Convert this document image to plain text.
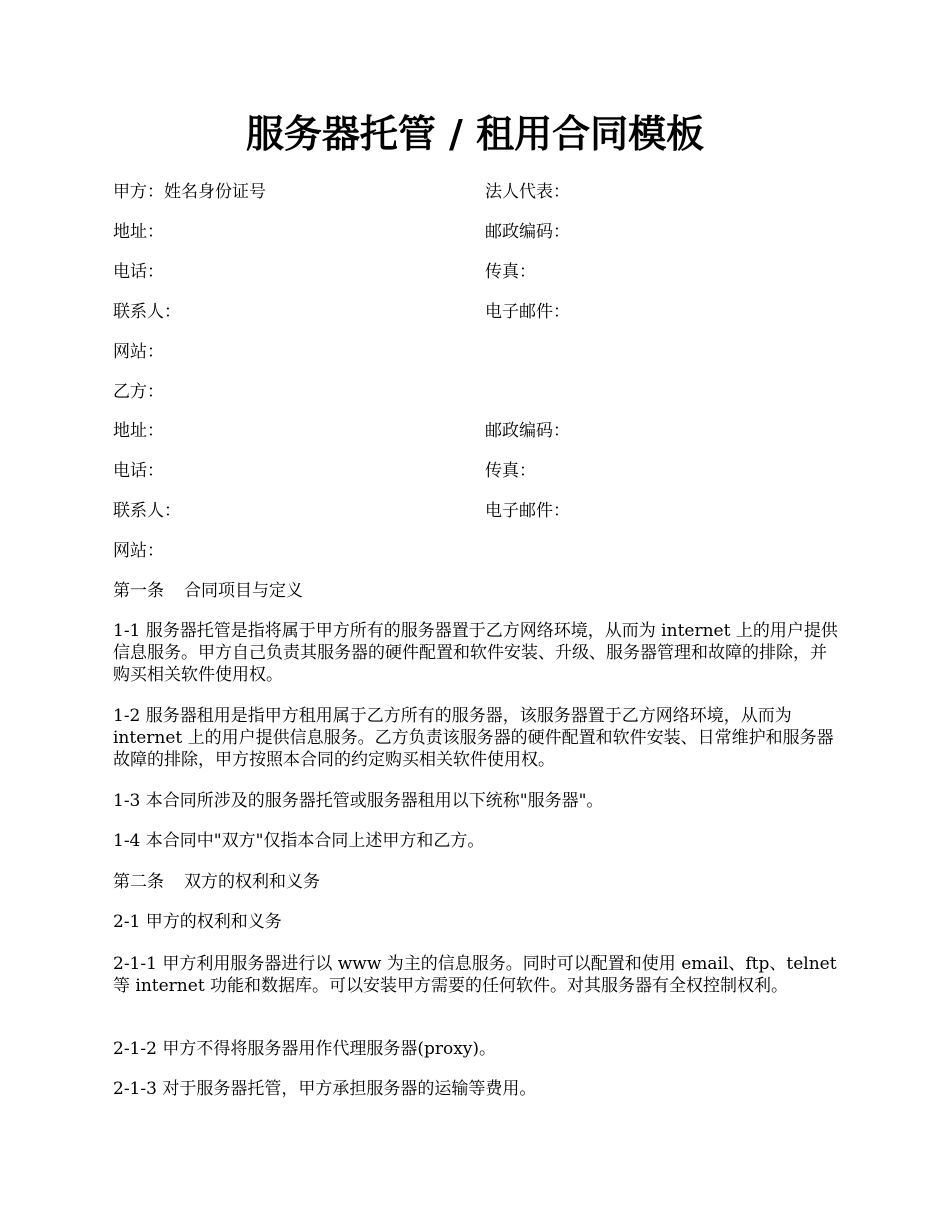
服务器托管 / 租用合同模板
甲方：姓名身份证号	法人代表：
地址：	邮政编码：
电话：	传真：
联系人：	电子邮件：
网站：
乙方：
地址：	邮政编码：
电话：	传真：
联系人：	电子邮件：
网站：

第一条 合同项目与定义

1-1 服务器托管是指将属于甲方所有的服务器置于乙方网络环境，从而为 internet 上的用户提供信息服务。甲方自己负责其服务器的硬件配置和软件安装、升级、服务器管理和故障的排除，并购买相关软件使用权。

1-2 服务器租用是指甲方租用属于乙方所有的服务器，该服务器置于乙方网络环境，从而为 internet 上的用户提供信息服务。乙方负责该服务器的硬件配置和软件安装、日常维护和服务器故障的排除，甲方按照本合同的约定购买相关软件使用权。

1-3 本合同所涉及的服务器托管或服务器租用以下统称"服务器"。

1-4 本合同中"双方"仅指本合同上述甲方和乙方。

第二条 双方的权利和义务

2-1 甲方的权利和义务

2-1-1 甲方利用服务器进行以 www 为主的信息服务。同时可以配置和使用 email、ftp、telnet 等 internet 功能和数据库。可以安装甲方需要的任何软件。对其服务器有全权控制权利。

2-1-2 甲方不得将服务器用作代理服务器(proxy)。

2-1-3 对于服务器托管，甲方承担服务器的运输等费用。
